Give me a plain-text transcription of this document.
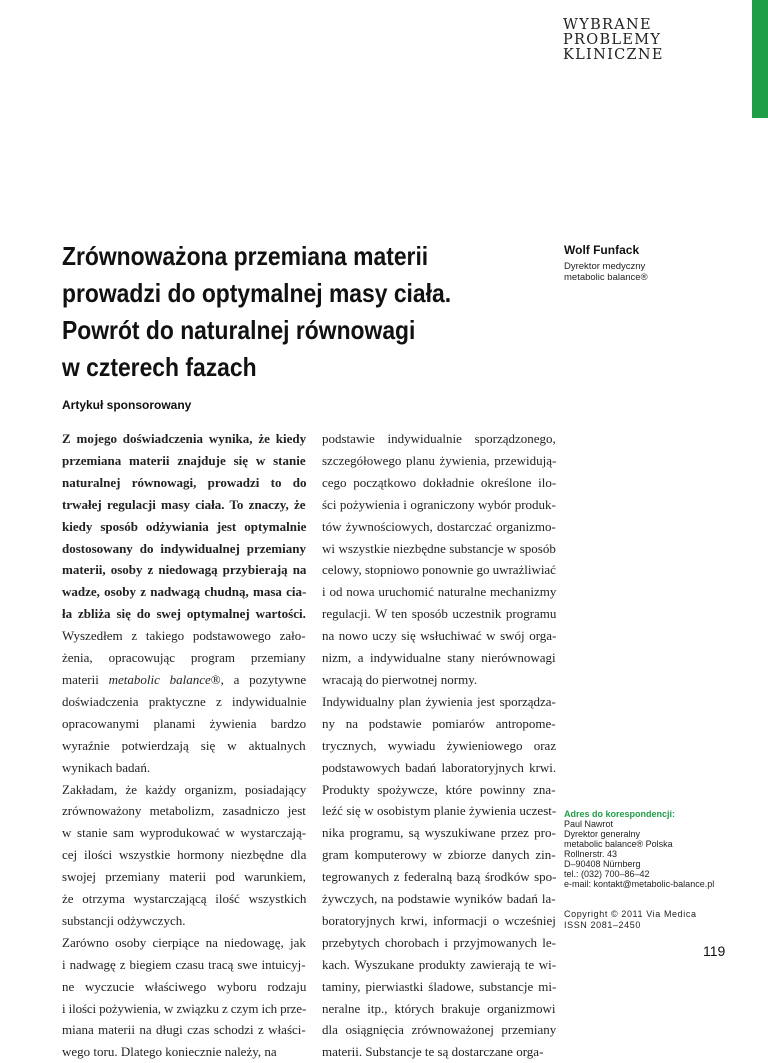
WYBRANE
PROBLEMY
KLINICZNE
Zrównoważona przemiana materii
prowadzi do optymalnej masy ciała.
Powrót do naturalnej równowagi
w czterech fazach
Artykuł sponsorowany
Wolf Funfack
Dyrektor medyczny
metabolic balance®
Z mojego doświadczenia wynika, że kiedy
przemiana materii znajduje się w stanie
naturalnej równowagi, prowadzi to do
trwałej regulacji masy ciała. To znaczy, że
kiedy sposób odżywiania jest optymalnie
dostosowany do indywidualnej przemiany
materii, osoby z niedowagą przybierają na
wadze, osoby z nadwagą chudną, masa cia-
ła zbliża się do swej optymalnej wartości.
Wyszedłem z takiego podstawowego zało-
żenia, opracowując program przemiany
materii metabolic balance®, a pozytywne
doświadczenia praktyczne z indywidualnie
opracowanymi planami żywienia bardzo
wyraźnie potwierdzają się w aktualnych
wynikach badań.
Zakładam, że każdy organizm, posiadający
zrównoważony metabolizm, zasadniczo jest
w stanie sam wyprodukować w wystarczają-
cej ilości wszystkie hormony niezbędne dla
swojej przemiany materii pod warunkiem,
że otrzyma wystarczającą ilość wszystkich
substancji odżywczych.
Zarówno osoby cierpiące na niedowagę, jak
i nadwagę z biegiem czasu tracą swe intuicyj-
ne wyczucie właściwego wyboru rodzaju
i ilości pożywienia, w związku z czym ich prze-
miana materii na długi czas schodzi z właści-
wego toru. Dlatego koniecznie należy, na
podstawie indywidualnie sporządzonego,
szczegółowego planu żywienia, przewidują-
cego początkowo dokładnie określone ilo-
ści pożywienia i ograniczony wybór produk-
tów żywnościowych, dostarczać organizmo-
wi wszystkie niezbędne substancje w sposób
celowy, stopniowo ponownie go uwrażliwiać
i od nowa uruchomić naturalne mechanizmy
regulacji. W ten sposób uczestnik programu
na nowo uczy się wsłuchiwać w swój orga-
nizm, a indywidualne stany nierównowagi
wracają do pierwotnej normy.
Indywidualny plan żywienia jest sporządza-
ny na podstawie pomiarów antropome-
trycznych, wywiadu żywieniowego oraz
podstawowych badań laboratoryjnych krwi.
Produkty spożywcze, które powinny zna-
leźć się w osobistym planie żywienia uczest-
nika programu, są wyszukiwane przez pro-
gram komputerowy w zbiorze danych zin-
tegrowanych z federalną bazą środków spo-
żywczych, na podstawie wyników badań la-
boratoryjnych krwi, informacji o wcześniej
przebytych chorobach i przyjmowanych le-
kach. Wyszukane produkty zawierają te wi-
taminy, pierwiastki śladowe, substancje mi-
neralne itp., których brakuje organizmowi
dla osiągnięcia zrównoważonej przemiany
materii. Substancje te są dostarczane orga-
Adres do korespondencji:
Paul Nawrot
Dyrektor generalny
metabolic balance® Polska
Rollnerstr. 43
D–90408 Nürnberg
tel.: (032) 700–86–42
e-mail: kontakt@metabolic-balance.pl
Copyright © 2011 Via Medica
ISSN 2081–2450
119
